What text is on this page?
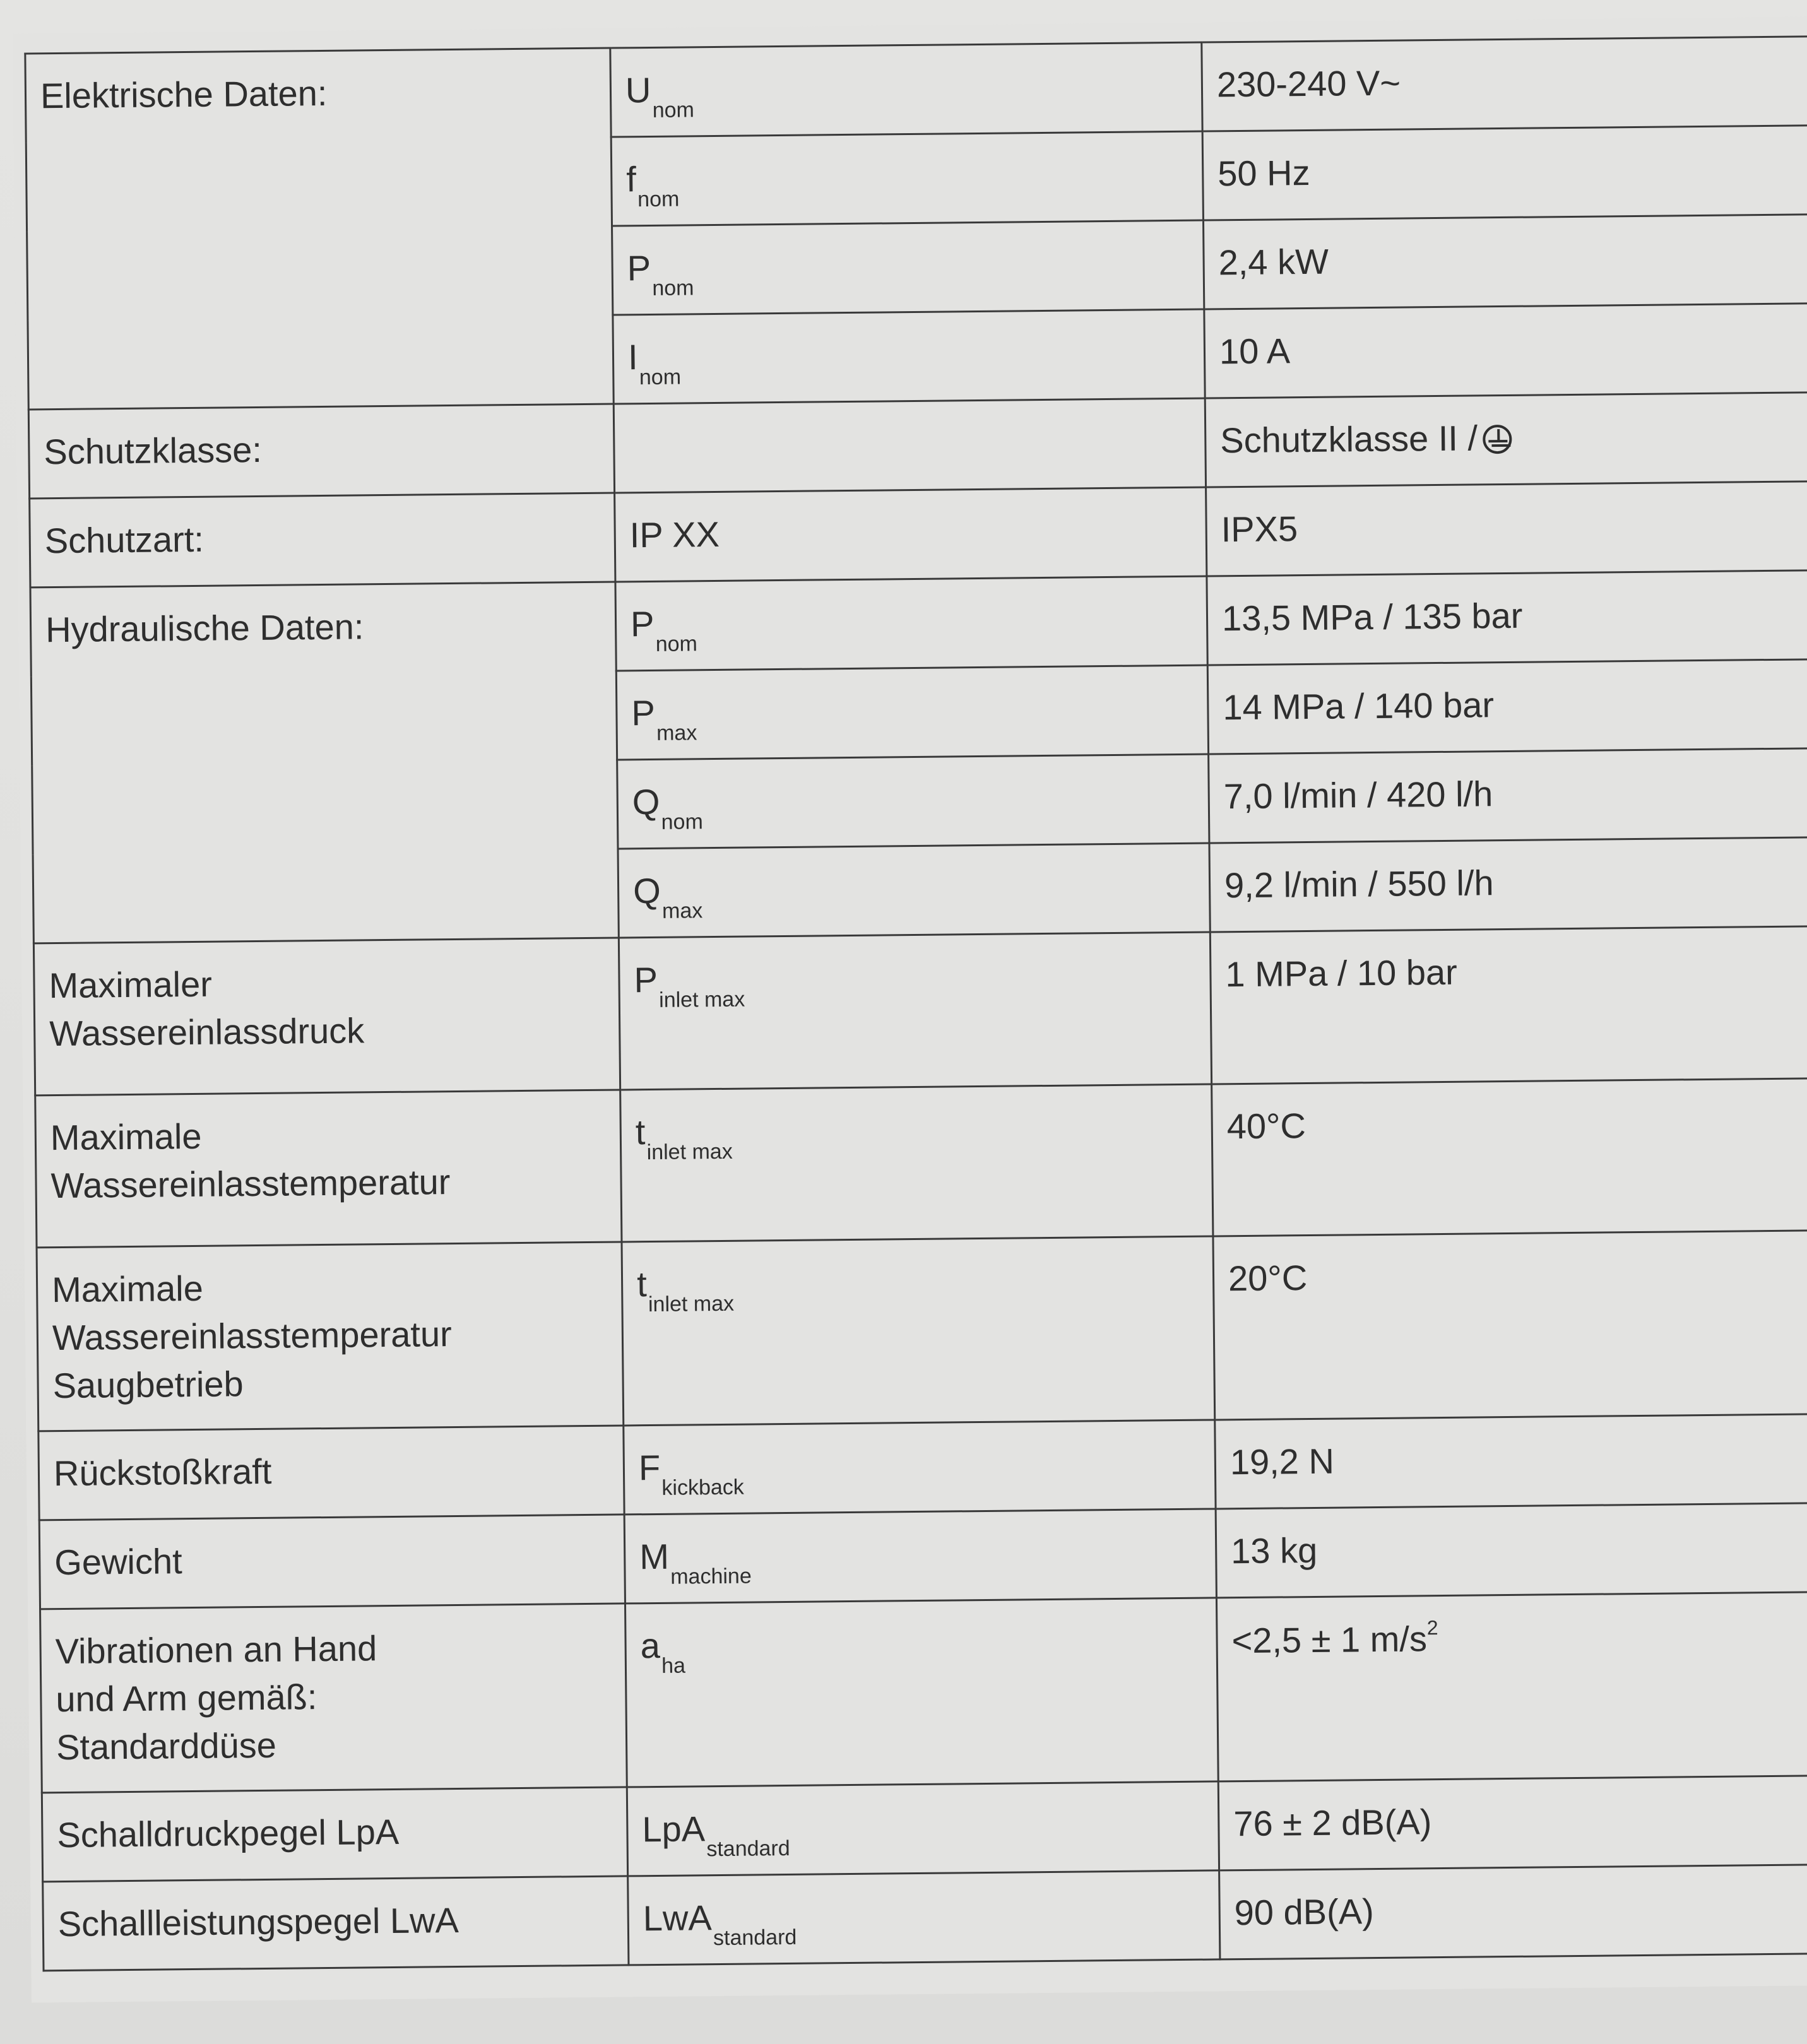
Elektrische Daten:	$U_{nom}$	230-240 V~
	$f_{nom}$	50 Hz
	$P_{nom}$	2,4 kW
	$I_{nom}$	10 A
Schutzklasse:		Schutzklasse II /
Schutzart:	IP XX	IPX5
Hydraulische Daten:	$P_{nom}$	13,5 MPa / 135 bar
	$P_{max}$	14 MPa / 140 bar
	$Q_{nom}$	7,0 l/min / 420 l/h
	$Q_{max}$	9,2 l/min / 550 l/h
Maximaler
Wassereinlassdruck	$P_{inlet max}$	1 MPa / 10 bar
Maximale
Wassereinlasstemperatur	$t_{inlet max}$	40°C
Maximale
Wassereinlasstemperatur
Saugbetrieb	$t_{inlet max}$	20°C
Rückstoßkraft	$F_{kickback}$	19,2 N
Gewicht	$M_{machine}$	13 kg
Vibrationen an Hand
und Arm gemäß:
Standarddüse	$a_{ha}$	<2,5 ± 1 $m/s^2$
Schalldruckpegel LpA	LpA$_{standard}$	76 ± 2 dB(A)
Schallleistungspegel LwA	LwA$_{standard}$	90 dB(A)
